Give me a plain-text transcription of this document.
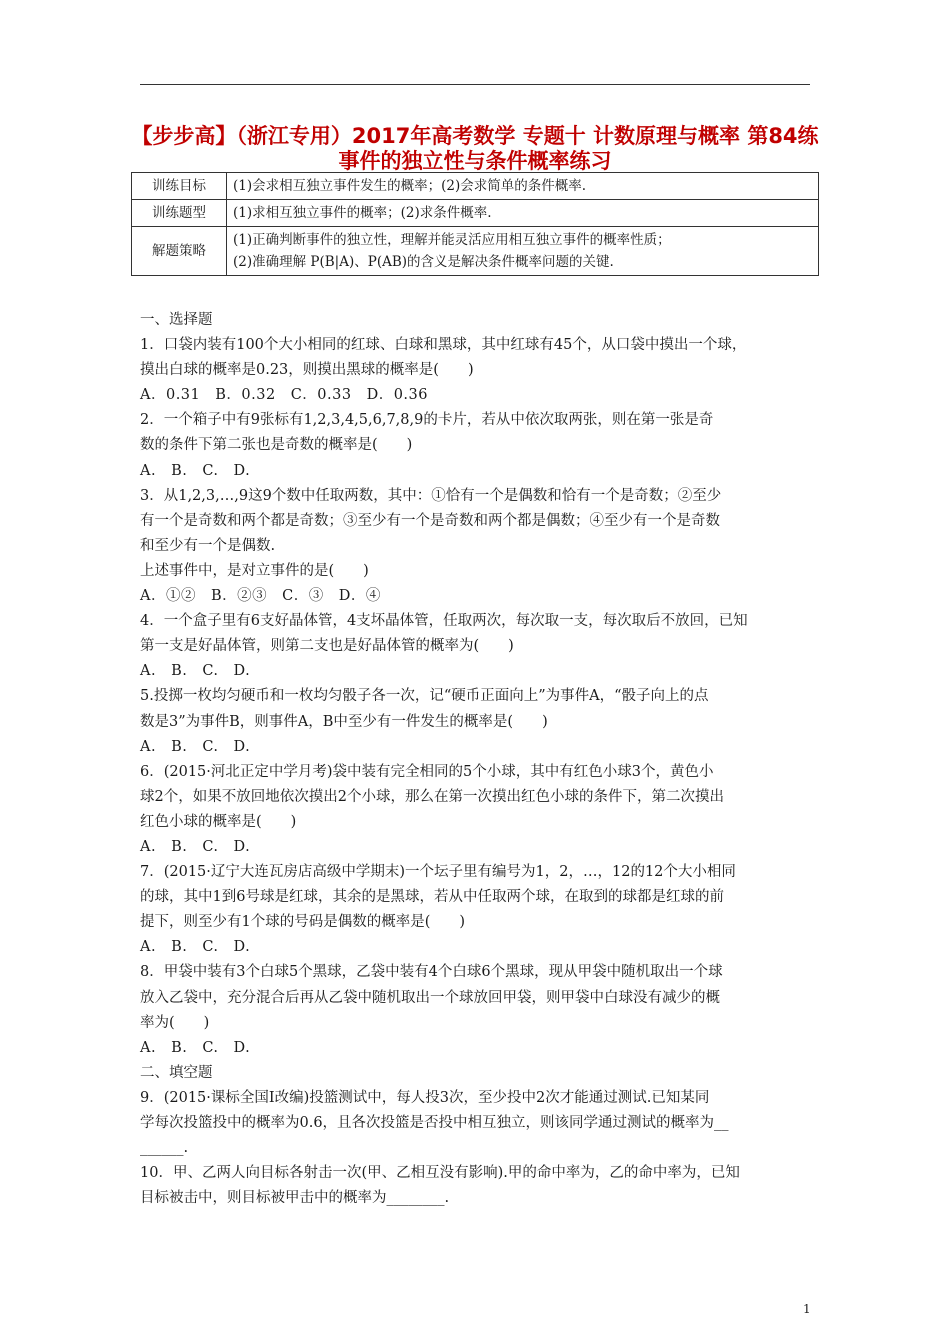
【步步高】（浙江专用）2017年高考数学 专题十 计数原理与概率 第84练 事件的独立性与条件概率练习
训练目标	(1)会求相互独立事件发生的概率；(2)会求简单的条件概率.
训练题型	(1)求相互独立事件的概率；(2)求条件概率.
解题策略	(1)正确判断事件的独立性，理解并能灵活应用相互独立事件的概率性质；
(2)准确理解 P(B|A)、P(AB)的含义是解决条件概率问题的关键.

一、选择题

1．口袋内装有100个大小相同的红球、白球和黑球，其中红球有45个，从口袋中摸出一个球，

摸出白球的概率是0.23，则摸出黑球的概率是(　　)

A．0.31　B．0.32　C．0.33　D．0.36

2．一个箱子中有9张标有1,2,3,4,5,6,7,8,9的卡片，若从中依次取两张，则在第一张是奇

数的条件下第二张也是奇数的概率是(　　)

A.　B.　C.　D.

3．从1,2,3,…,9这9个数中任取两数，其中：①恰有一个是偶数和恰有一个是奇数；②至少

有一个是奇数和两个都是奇数；③至少有一个是奇数和两个都是偶数；④至少有一个是奇数

和至少有一个是偶数.

上述事件中，是对立事件的是(　　)

A．①②　B．②③　C．③　D．④

4．一个盒子里有6支好晶体管，4支坏晶体管，任取两次，每次取一支，每次取后不放回，已知

第一支是好晶体管，则第二支也是好晶体管的概率为(　　)

A.　B.　C.　D.

5.投掷一枚均匀硬币和一枚均匀骰子各一次，记“硬币正面向上”为事件A，“骰子向上的点

数是3”为事件B，则事件A，B中至少有一件发生的概率是(　　)

A.　B.　C.　D.

6．(2015·河北正定中学月考)袋中装有完全相同的5个小球，其中有红色小球3个，黄色小

球2个，如果不放回地依次摸出2个小球，那么在第一次摸出红色小球的条件下，第二次摸出

红色小球的概率是(　　)

A.　B.　C.　D.

7．(2015·辽宁大连瓦房店高级中学期末)一个坛子里有编号为1，2，…，12的12个大小相同

的球，其中1到6号球是红球，其余的是黑球，若从中任取两个球，在取到的球都是红球的前

提下，则至少有1个球的号码是偶数的概率是(　　)

A.　B.　C.　D.

8．甲袋中装有3个白球5个黑球，乙袋中装有4个白球6个黑球，现从甲袋中随机取出一个球

放入乙袋中，充分混合后再从乙袋中随机取出一个球放回甲袋，则甲袋中白球没有减少的概

率为(　　)

A.　B.　C.　D.

二、填空题

9．(2015·课标全国Ⅰ改编)投篮测试中，每人投3次，至少投中2次才能通过测试.已知某同

学每次投篮投中的概率为0.6，且各次投篮是否投中相互独立，则该同学通过测试的概率为__

______.

10．甲、乙两人向目标各射击一次(甲、乙相互没有影响).甲的命中率为，乙的命中率为，已知

目标被击中，则目标被甲击中的概率为________.

1
